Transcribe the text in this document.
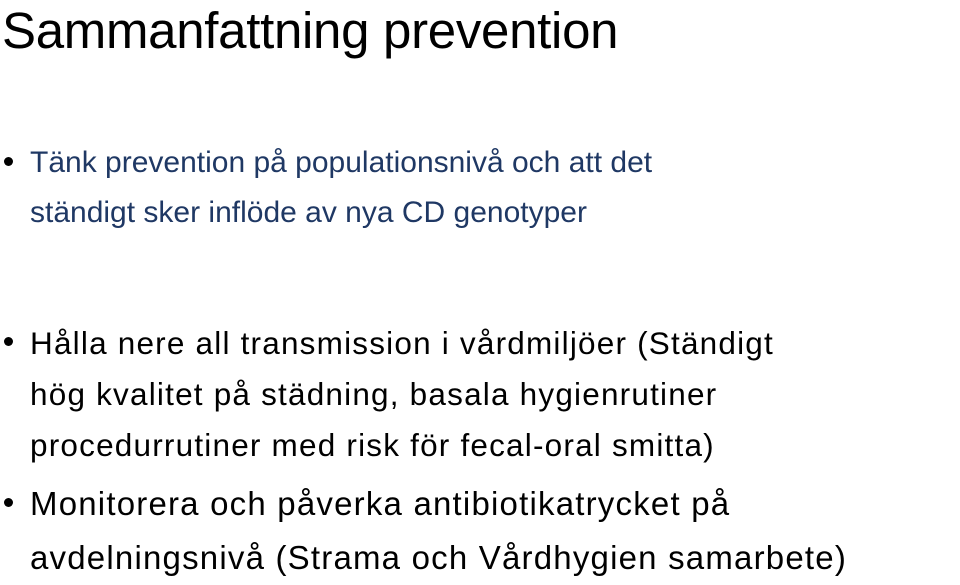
Sammanfattning prevention

Tänk prevention på populationsnivå och att det
ständigt sker inflöde av nya CD genotyper

Hålla nere all transmission i vårdmiljöer (Ständigt
hög kvalitet på städning, basala hygienrutiner
procedurrutiner med risk för fecal-oral smitta)

Monitorera och påverka antibiotikatrycket på
avdelningsnivå (Strama och Vårdhygien samarbete)
